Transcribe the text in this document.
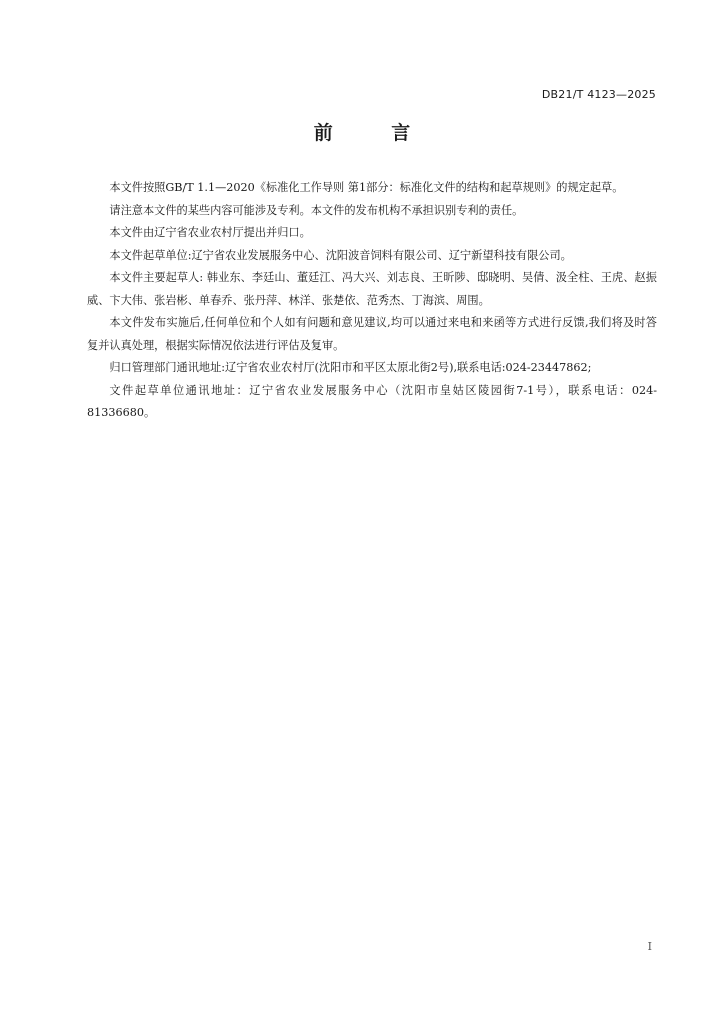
DB21/T 4123—2025
前 言

本文件按照GB/T 1.1—2020《标准化工作导则 第1部分：标准化文件的结构和起草规则》的规定起草。

请注意本文件的某些内容可能涉及专利。本文件的发布机构不承担识别专利的责任。

本文件由辽宁省农业农村厅提出并归口。

本文件起草单位:辽宁省农业发展服务中心、沈阳波音饲料有限公司、辽宁新望科技有限公司。

本文件主要起草人: 韩业东、李廷山、董廷江、冯大兴、刘志良、王昕陟、邸晓明、吴倩、汲全柱、王虎、赵振威、卞大伟、张岩彬、单春乔、张丹萍、林洋、张楚依、范秀杰、丁海滨、周围。

本文件发布实施后,任何单位和个人如有问题和意见建议,均可以通过来电和来函等方式进行反馈,我们将及时答复并认真处理，根据实际情况依法进行评估及复审。

归口管理部门通讯地址:辽宁省农业农村厅(沈阳市和平区太原北街2号),联系电话:024-23447862;

文件起草单位通讯地址：辽宁省农业发展服务中心（沈阳市皇姑区陵园街7-1号），联系电话：024-81336680。

I
